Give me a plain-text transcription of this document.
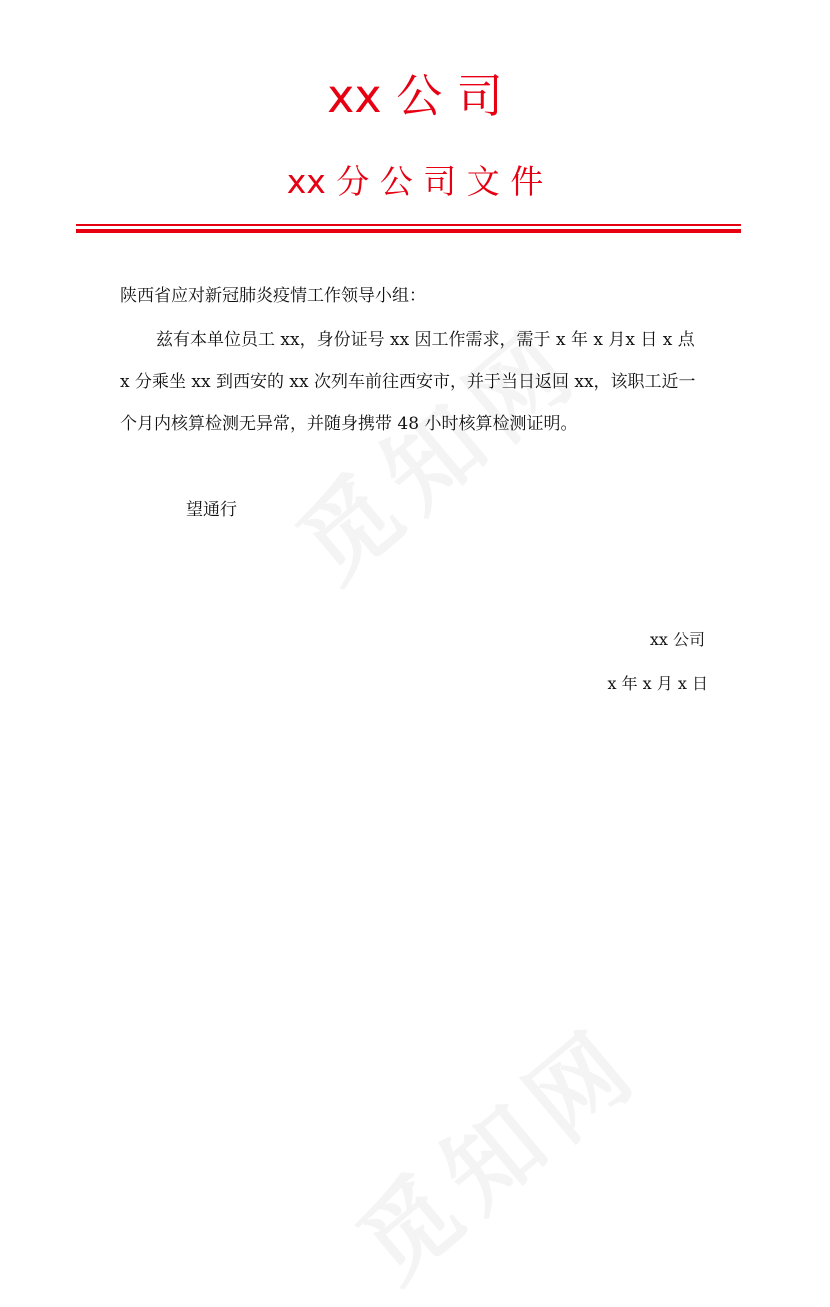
xx 公 司
xx 分 公 司 文 件
陕西省应对新冠肺炎疫情工作领导小组：
兹有本单位员工 xx，身份证号 xx 因工作需求，需于 x 年 x 月x 日 x 点 x 分乘坐 xx 到西安的 xx 次列车前往西安市，并于当日返回 xx，该职工近一个月内核算检测无异常，并随身携带 48 小时核算检测证明。
望通行
xx 公司
x 年 x 月 x 日
